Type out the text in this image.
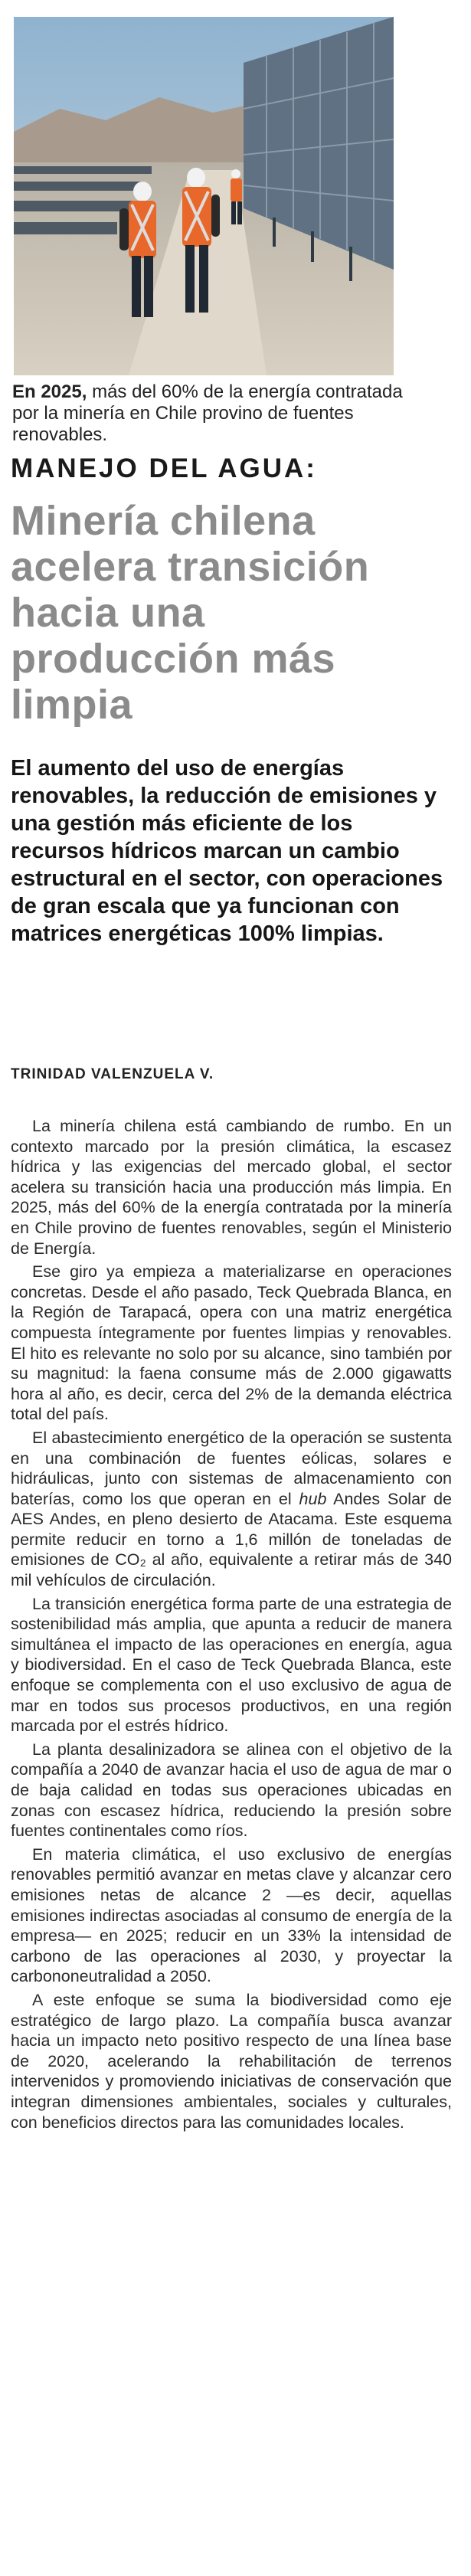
En 2025, más del 60% de la energía contratada por la minería en Chile provino de fuentes renovables.
MANEJO DEL AGUA:
Minería chilena acelera transición hacia una producción más limpia
El aumento del uso de energías renovables, la reducción de emisiones y una gestión más eficiente de los recursos hídricos marcan un cambio estructural en el sector, con operaciones de gran escala que ya funcionan con matrices energéticas 100% limpias.
TRINIDAD VALENZUELA V.

La minería chilena está cambiando de rumbo. En un contexto marcado por la presión climática, la escasez hídrica y las exigencias del mercado global, el sector acelera su transición hacia una producción más limpia. En 2025, más del 60% de la energía contratada por la minería en Chile provino de fuentes renovables, según el Ministerio de Energía.

Ese giro ya empieza a materializarse en operaciones concretas. Desde el año pasado, Teck Quebrada Blanca, en la Región de Tarapacá, opera con una matriz energética compuesta íntegramente por fuentes limpias y renovables. El hito es relevante no solo por su alcance, sino también por su magnitud: la faena consume más de 2.000 gigawatts hora al año, es decir, cerca del 2% de la demanda eléctrica total del país.

El abastecimiento energético de la operación se sustenta en una combinación de fuentes eólicas, solares e hidráulicas, junto con sistemas de almacenamiento con baterías, como los que operan en el hub Andes Solar de AES Andes, en pleno desierto de Atacama. Este esquema permite reducir en torno a 1,6 millón de toneladas de emisiones de CO₂ al año, equivalente a retirar más de 340 mil vehículos de circulación.

La transición energética forma parte de una estrategia de sostenibilidad más amplia, que apunta a reducir de manera simultánea el impacto de las operaciones en energía, agua y biodiversidad. En el caso de Teck Quebrada Blanca, este enfoque se complementa con el uso exclusivo de agua de mar en todos sus procesos productivos, en una región marcada por el estrés hídrico.

La planta desalinizadora se alinea con el objetivo de la compañía a 2040 de avanzar hacia el uso de agua de mar o de baja calidad en todas sus operaciones ubicadas en zonas con escasez hídrica, reduciendo la presión sobre fuentes continentales como ríos.

En materia climática, el uso exclusivo de energías renovables permitió avanzar en metas clave y alcanzar cero emisiones netas de alcance 2 —es decir, aquellas emisiones indirectas asociadas al consumo de energía de la empresa— en 2025; reducir en un 33% la intensidad de carbono de las operaciones al 2030, y proyectar la carbononeutralidad a 2050.

A este enfoque se suma la biodiversidad como eje estratégico de largo plazo. La compañía busca avanzar hacia un impacto neto positivo respecto de una línea base de 2020, acelerando la rehabilitación de terrenos intervenidos y promoviendo iniciativas de conservación que integran dimensiones ambientales, sociales y culturales, con beneficios directos para las comunidades locales.
